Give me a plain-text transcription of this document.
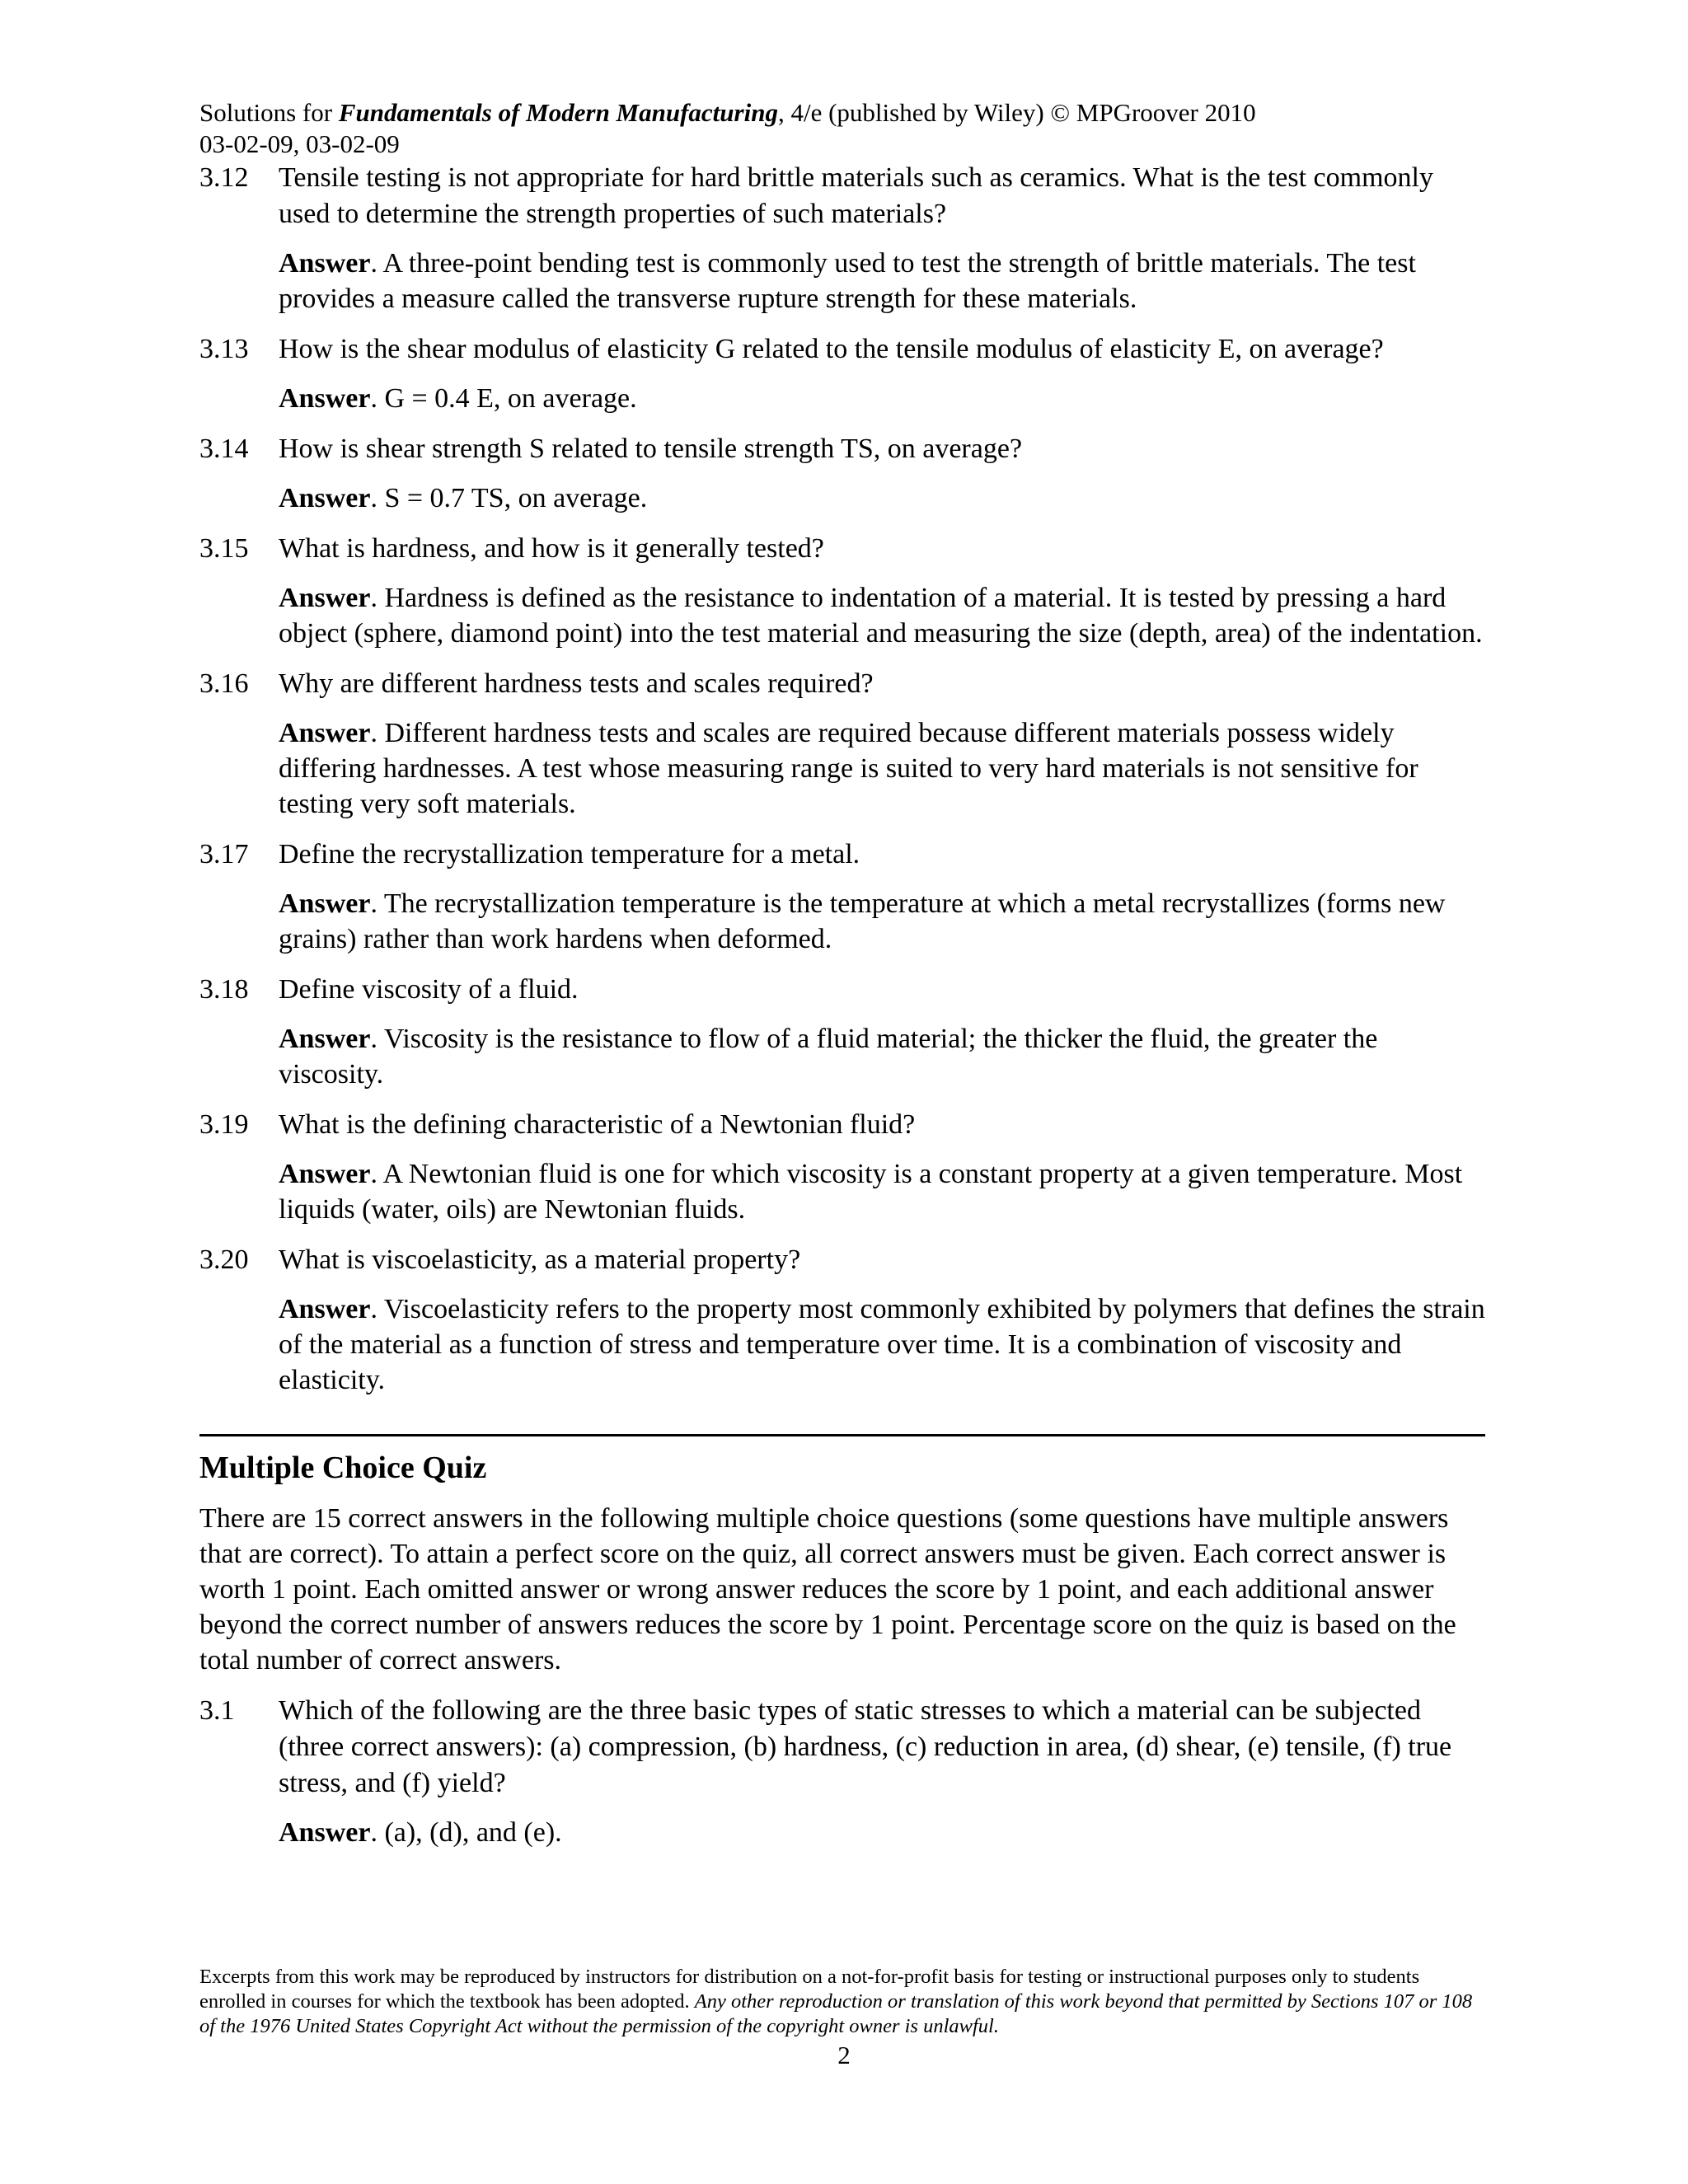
Solutions for Fundamentals of Modern Manufacturing, 4/e (published by Wiley) © MPGroover 2010
03-02-09, 03-02-09
3.12	Tensile testing is not appropriate for hard brittle materials such as ceramics. What is the test commonly used to determine the strength properties of such materials?
Answer. A three-point bending test is commonly used to test the strength of brittle materials. The test provides a measure called the transverse rupture strength for these materials.
3.13	How is the shear modulus of elasticity G related to the tensile modulus of elasticity E, on average?
Answer. G = 0.4 E, on average.
3.14	How is shear strength S related to tensile strength TS, on average?
Answer. S = 0.7 TS, on average.
3.15	What is hardness, and how is it generally tested?
Answer. Hardness is defined as the resistance to indentation of a material. It is tested by pressing a hard object (sphere, diamond point) into the test material and measuring the size (depth, area) of the indentation.
3.16	Why are different hardness tests and scales required?
Answer. Different hardness tests and scales are required because different materials possess widely differing hardnesses. A test whose measuring range is suited to very hard materials is not sensitive for testing very soft materials.
3.17	Define the recrystallization temperature for a metal.
Answer. The recrystallization temperature is the temperature at which a metal recrystallizes (forms new grains) rather than work hardens when deformed.
3.18	Define viscosity of a fluid.
Answer. Viscosity is the resistance to flow of a fluid material; the thicker the fluid, the greater the viscosity.
3.19	What is the defining characteristic of a Newtonian fluid?
Answer. A Newtonian fluid is one for which viscosity is a constant property at a given temperature. Most liquids (water, oils) are Newtonian fluids.
3.20	What is viscoelasticity, as a material property?
Answer. Viscoelasticity refers to the property most commonly exhibited by polymers that defines the strain of the material as a function of stress and temperature over time. It is a combination of viscosity and elasticity.
Multiple Choice Quiz
There are 15 correct answers in the following multiple choice questions (some questions have multiple answers that are correct). To attain a perfect score on the quiz, all correct answers must be given. Each correct answer is worth 1 point. Each omitted answer or wrong answer reduces the score by 1 point, and each additional answer beyond the correct number of answers reduces the score by 1 point. Percentage score on the quiz is based on the total number of correct answers.
3.1	Which of the following are the three basic types of static stresses to which a material can be subjected (three correct answers): (a) compression, (b) hardness, (c) reduction in area, (d) shear, (e) tensile, (f) true stress, and (f) yield?
Answer. (a), (d), and (e).
Excerpts from this work may be reproduced by instructors for distribution on a not-for-profit basis for testing or instructional purposes only to students enrolled in courses for which the textbook has been adopted. Any other reproduction or translation of this work beyond that permitted by Sections 107 or 108 of the 1976 United States Copyright Act without the permission of the copyright owner is unlawful.
2
